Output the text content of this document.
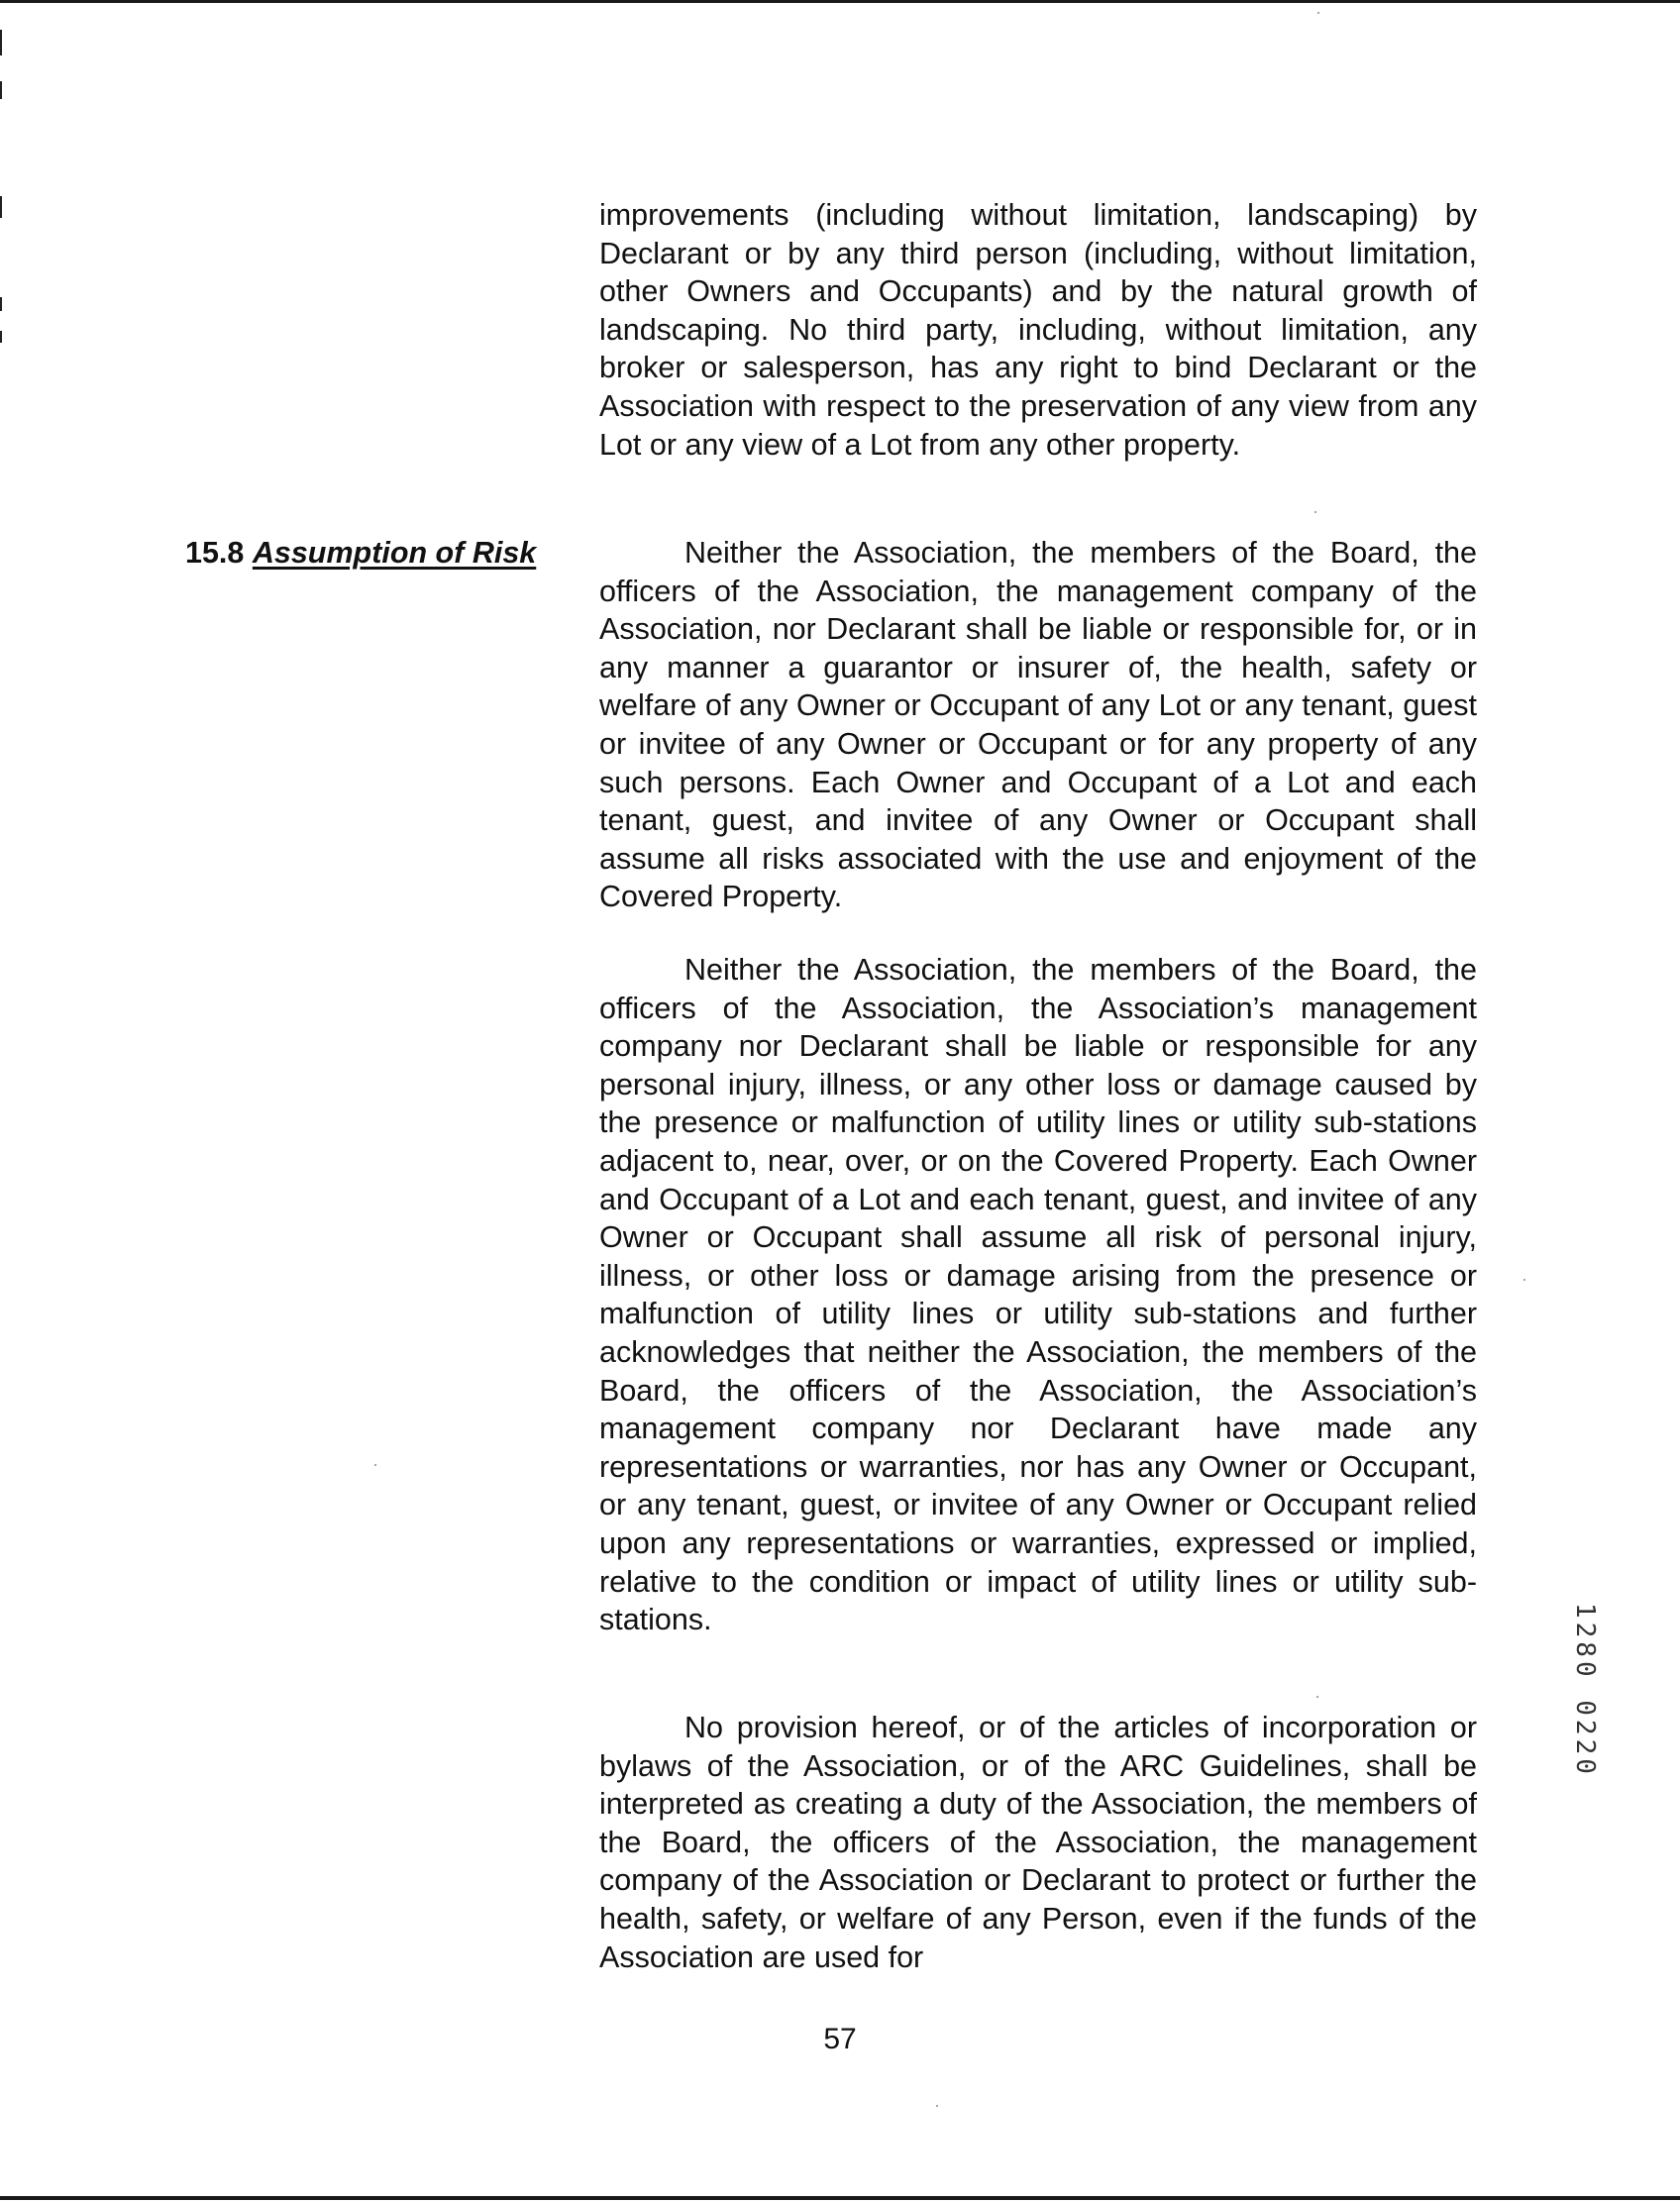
improvements (including without limitation, landscaping) by Declarant or by any third person (including, without limitation, other Owners and Occupants) and by the natural growth of landscaping. No third party, including, without limitation, any broker or salesperson, has any right to bind Declarant or the Association with respect to the preservation of any view from any Lot or any view of a Lot from any other property.

15.8 Assumption of Risk	Neither the Association, the members of the Board, the officers of the Association, the management company of the Association, nor Declarant shall be liable or responsible for, or in any manner a guarantor or insurer of, the health, safety or welfare of any Owner or Occupant of any Lot or any tenant, guest or invitee of any Owner or Occupant or for any property of any such persons. Each Owner and Occupant of a Lot and each tenant, guest, and invitee of any Owner or Occupant shall assume all risks associated with the use and enjoyment of the Covered Property.

Neither the Association, the members of the Board, the officers of the Association, the Association’s management company nor Declarant shall be liable or responsible for any personal injury, illness, or any other loss or damage caused by the presence or malfunction of utility lines or utility sub-stations adjacent to, near, over, or on the Covered Property. Each Owner and Occupant of a Lot and each tenant, guest, and invitee of any Owner or Occupant shall assume all risk of personal injury, illness, or other loss or damage arising from the presence or malfunction of utility lines or utility sub-stations and further acknowledges that neither the Association, the members of the Board, the officers of the Association, the Association’s management company nor Declarant have made any representations or warranties, nor has any Owner or Occupant, or any tenant, guest, or invitee of any Owner or Occupant relied upon any representations or warranties, expressed or implied, relative to the condition or impact of utility lines or utility sub-stations.

No provision hereof, or of the articles of incorporation or bylaws of the Association, or of the ARC Guidelines, shall be interpreted as creating a duty of the Association, the members of the Board, the officers of the Association, the management company of the Association or Declarant to protect or further the health, safety, or welfare of any Person, even if the funds of the Association are used for

57
1280 0220
